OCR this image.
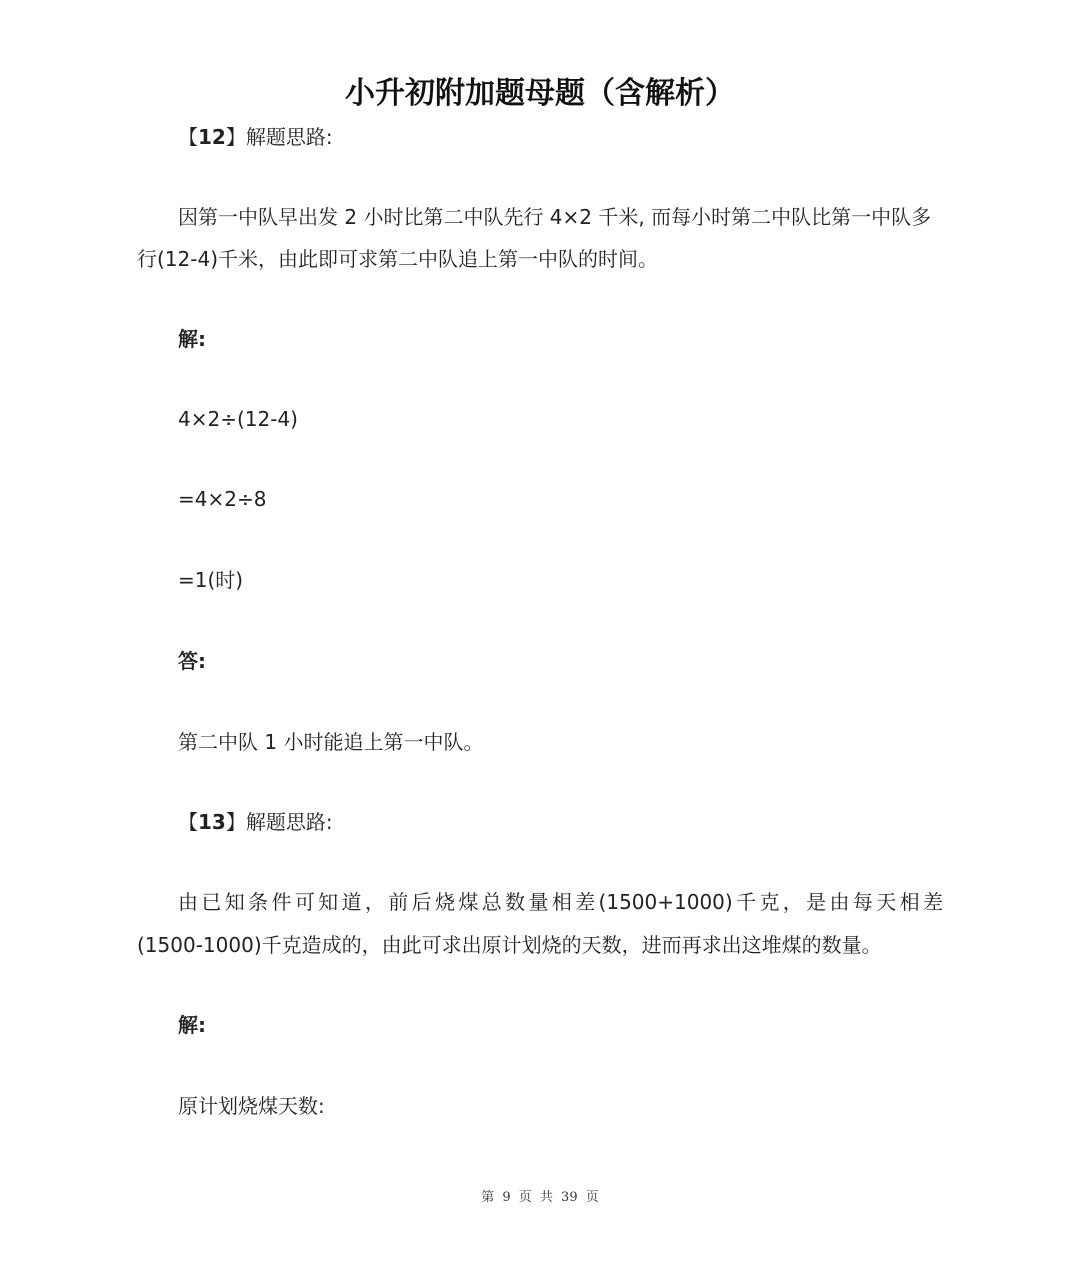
小升初附加题母题（含解析）
【12】解题思路:
因第一中队早出发 2 小时比第二中队先行 4×2 千米, 而每小时第二中队比第一中队多
行(12-4)千米，由此即可求第二中队追上第一中队的时间。
解:
4×2÷(12-4)
=4×2÷8
=1(时)
答:
第二中队 1 小时能追上第一中队。
【13】解题思路:
由已知条件可知道，前后烧煤总数量相差(1500+1000)千克，是由每天相差
(1500-1000)千克造成的，由此可求出原计划烧的天数，进而再求出这堆煤的数量。
解:
原计划烧煤天数:
第 9 页 共 39 页
